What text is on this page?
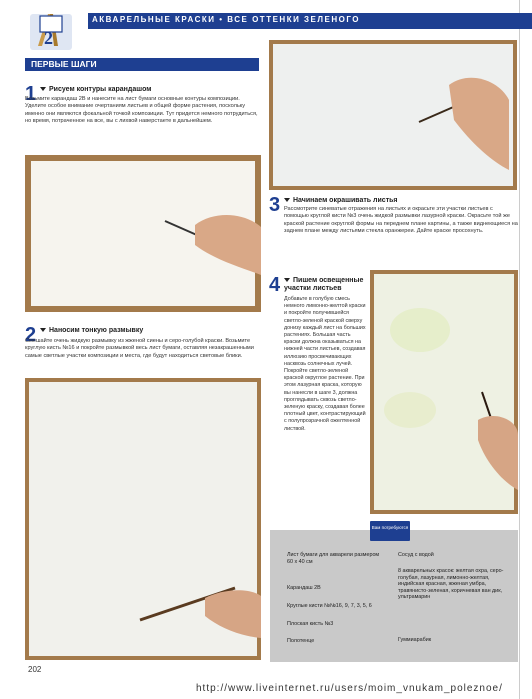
2
АКВАРЕЛЬНЫЕ КРАСКИ • ВСЕ ОТТЕНКИ ЗЕЛЕНОГО
ПЕРВЫЕ ШАГИ
1	Рисуем контуры карандашом
Возьмите карандаш 2B и нанесите на лист бумаги основные контуры композиции. Уделите особое внимание очертаниям листьев и общей форме растения, поскольку именно они являются фокальной точкой композиции. Тут придется немного потрудиться, но время, потраченное на все, вы с лихвой наверстаете в дальнейшем.
2	Наносим тонкую размывку
Смешайте очень жидкую размывку из жженой сиены и серо-голубой краски. Возьмите круглую кисть №16 и покройте размывкой весь лист бумаги, оставляя незакрашенными самые светлые участки композиции и места, где будут находиться световые блики.
3	Начинаем окрашивать листья
Рассмотрите синеватые отражения на листьях и окрасьте эти участки листьев с помощью круглой кисти №3 очень жидкой размывки лазурной краски. Окрасьте той же краской растение округлой формы на переднем плане картины, а также виднеющиеся на заднем плане между листьями стекла оранжереи. Дайте краске просохнуть.
4	Пишем освещенные участки листьев
Добавьте в голубую смесь немного лимонно-желтой краски и покройте получившейся светло-зеленой краской сверху донизу каждый лист на больших растениях. Большая часть краски должна оказываться на нижней части листьев, создавая иллюзию просвечивающих насквозь солнечных лучей. Покройте светло-зеленой краской округлое растение. При этом лазурная краска, которую вы нанесли в шаге 3, должна проглядывать сквозь светло-зеленую краску, создавая более плотный цвет, контрастирующий с полупрозрачной ожелтенной листвой.
Вам потребуются
Лист бумаги для акварели размером 60 x 40 см
Карандаш 2B
Круглые кисти №№16, 9, 7, 3, 5, 6
Плоская кисть №3
Полотенце
Сосуд с водой
8 акварельных красок: желтая охра, серо-голубая, лазурная, лимонно-желтая, индийская красная, жженая умбра, травянисто-зеленая, коричневая ван дик, ультрамарин
Гуммиарабик
202
http://www.liveinternet.ru/users/moim_vnukam_poleznoe/
